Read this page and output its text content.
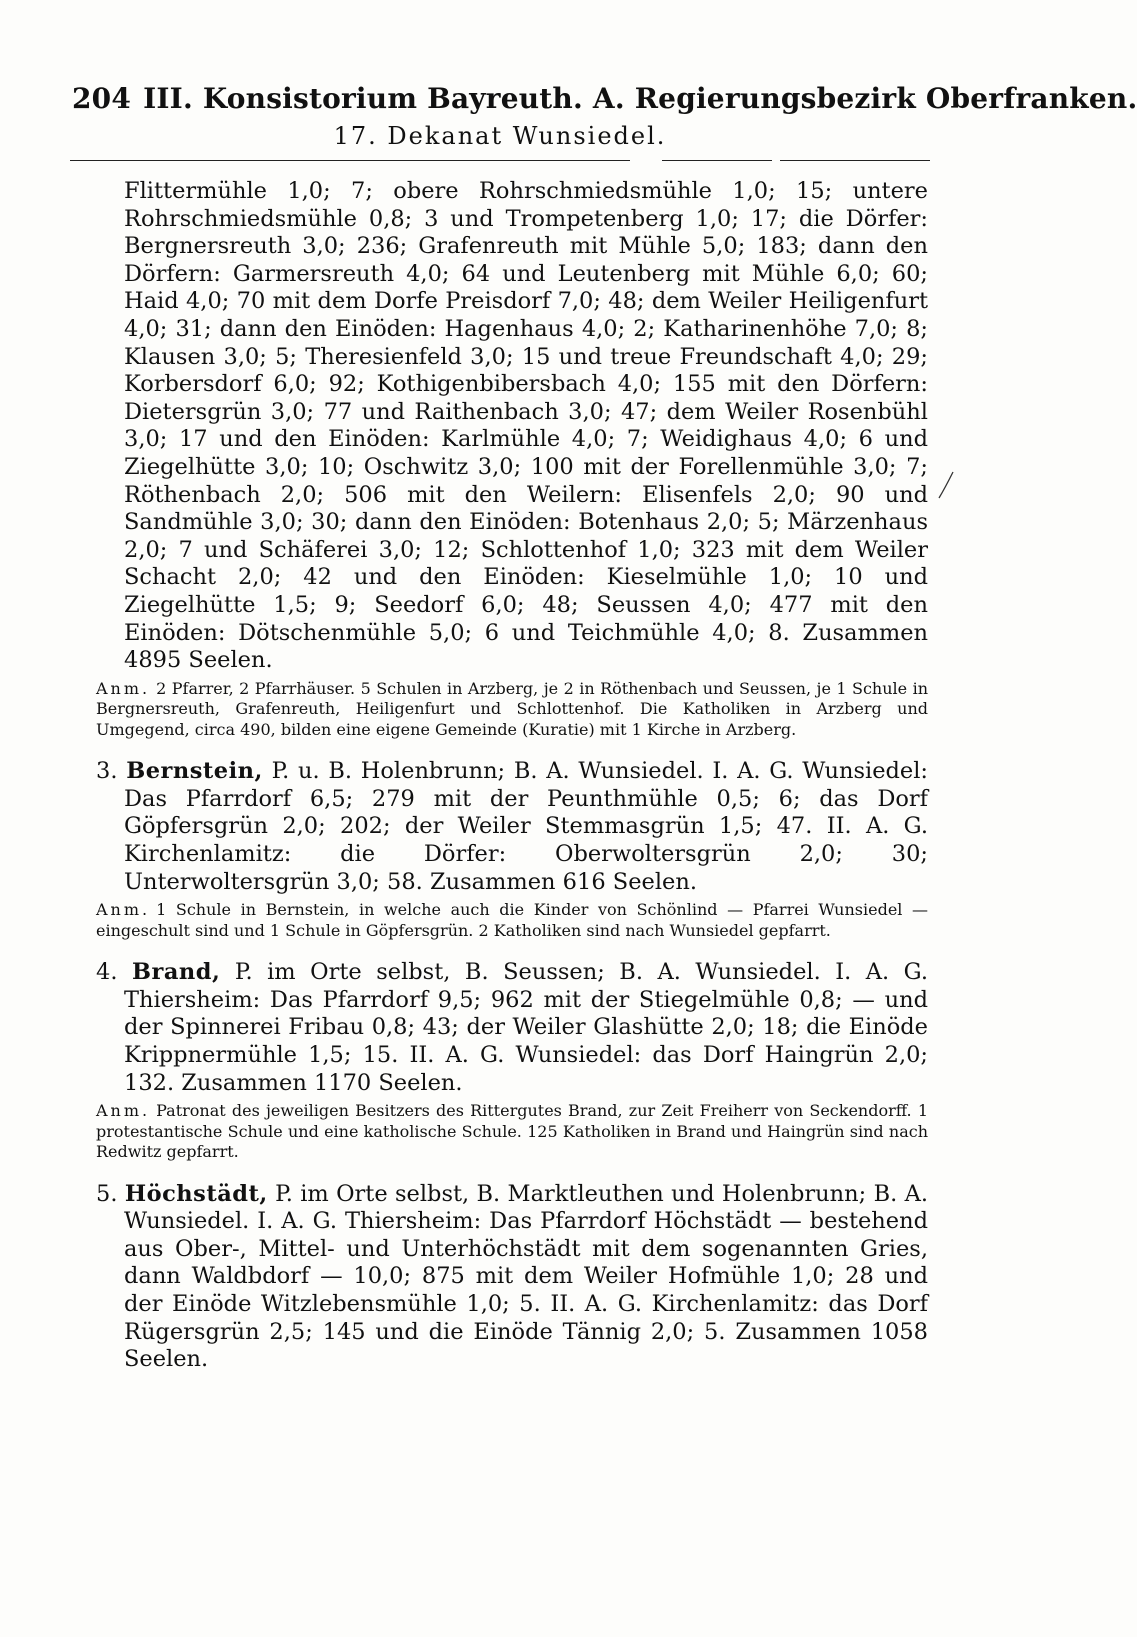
204 III. Konsistorium Bayreuth. A. Regierungsbezirk Oberfranken.
17. Dekanat Wunsiedel.

Flittermühle 1,0; 7; obere Rohrschmiedsmühle 1,0; 15; untere Rohrschmiedsmühle 0,8; 3 und Trompetenberg 1,0; 17; die Dörfer: Bergnersreuth 3,0; 236; Grafenreuth mit Mühle 5,0; 183; dann den Dörfern: Garmersreuth 4,0; 64 und Leutenberg mit Mühle 6,0; 60; Haid 4,0; 70 mit dem Dorfe Preisdorf 7,0; 48; dem Weiler Heiligenfurt 4,0; 31; dann den Einöden: Hagenhaus 4,0; 2; Katharinenhöhe 7,0; 8; Klausen 3,0; 5; Theresienfeld 3,0; 15 und treue Freundschaft 4,0; 29; Korbersdorf 6,0; 92; Kothigenbibersbach 4,0; 155 mit den Dörfern: Dietersgrün 3,0; 77 und Raithenbach 3,0; 47; dem Weiler Rosenbühl 3,0; 17 und den Einöden: Karlmühle 4,0; 7; Weidighaus 4,0; 6 und Ziegelhütte 3,0; 10; Oschwitz 3,0; 100 mit der Forellenmühle 3,0; 7; Röthenbach 2,0; 506 mit den Weilern: Elisenfels 2,0; 90 und Sandmühle 3,0; 30; dann den Einöden: Botenhaus 2,0; 5; Märzenhaus 2,0; 7 und Schäferei 3,0; 12; Schlottenhof 1,0; 323 mit dem Weiler Schacht 2,0; 42 und den Einöden: Kieselmühle 1,0; 10 und Ziegelhütte 1,5; 9; Seedorf 6,0; 48; Seussen 4,0; 477 mit den Einöden: Dötschenmühle 5,0; 6 und Teichmühle 4,0; 8. Zusammen 4895 Seelen.

Anm. 2 Pfarrer, 2 Pfarrhäuser. 5 Schulen in Arzberg, je 2 in Röthenbach und Seussen, je 1 Schule in Bergnersreuth, Grafenreuth, Heiligenfurt und Schlottenhof. Die Katholiken in Arzberg und Umgegend, circa 490, bilden eine eigene Gemeinde (Kuratie) mit 1 Kirche in Arzberg.

3. Bernstein, P. u. B. Holenbrunn; B. A. Wunsiedel. I. A. G. Wunsiedel: Das Pfarrdorf 6,5; 279 mit der Peunthmühle 0,5; 6; das Dorf Göpfersgrün 2,0; 202; der Weiler Stemmasgrün 1,5; 47. II. A. G. Kirchenlamitz: die Dörfer: Oberwoltersgrün 2,0; 30; Unterwoltersgrün 3,0; 58. Zusammen 616 Seelen.

Anm. 1 Schule in Bernstein, in welche auch die Kinder von Schönlind — Pfarrei Wunsiedel — eingeschult sind und 1 Schule in Göpfersgrün. 2 Katholiken sind nach Wunsiedel gepfarrt.

4. Brand, P. im Orte selbst, B. Seussen; B. A. Wunsiedel. I. A. G. Thiersheim: Das Pfarrdorf 9,5; 962 mit der Stiegelmühle 0,8; — und der Spinnerei Fribau 0,8; 43; der Weiler Glashütte 2,0; 18; die Einöde Krippnermühle 1,5; 15. II. A. G. Wunsiedel: das Dorf Haingrün 2,0; 132. Zusammen 1170 Seelen.

Anm. Patronat des jeweiligen Besitzers des Rittergutes Brand, zur Zeit Freiherr von Seckendorff. 1 protestantische Schule und eine katholische Schule. 125 Katholiken in Brand und Haingrün sind nach Redwitz gepfarrt.

5. Höchstädt, P. im Orte selbst, B. Marktleuthen und Holenbrunn; B. A. Wunsiedel. I. A. G. Thiersheim: Das Pfarrdorf Höchstädt — bestehend aus Ober-, Mittel- und Unterhöchstädt mit dem sogenannten Gries, dann Waldbdorf — 10,0; 875 mit dem Weiler Hofmühle 1,0; 28 und der Einöde Witzlebensmühle 1,0; 5. II. A. G. Kirchenlamitz: das Dorf Rügersgrün 2,5; 145 und die Einöde Tännig 2,0; 5. Zusammen 1058 Seelen.
